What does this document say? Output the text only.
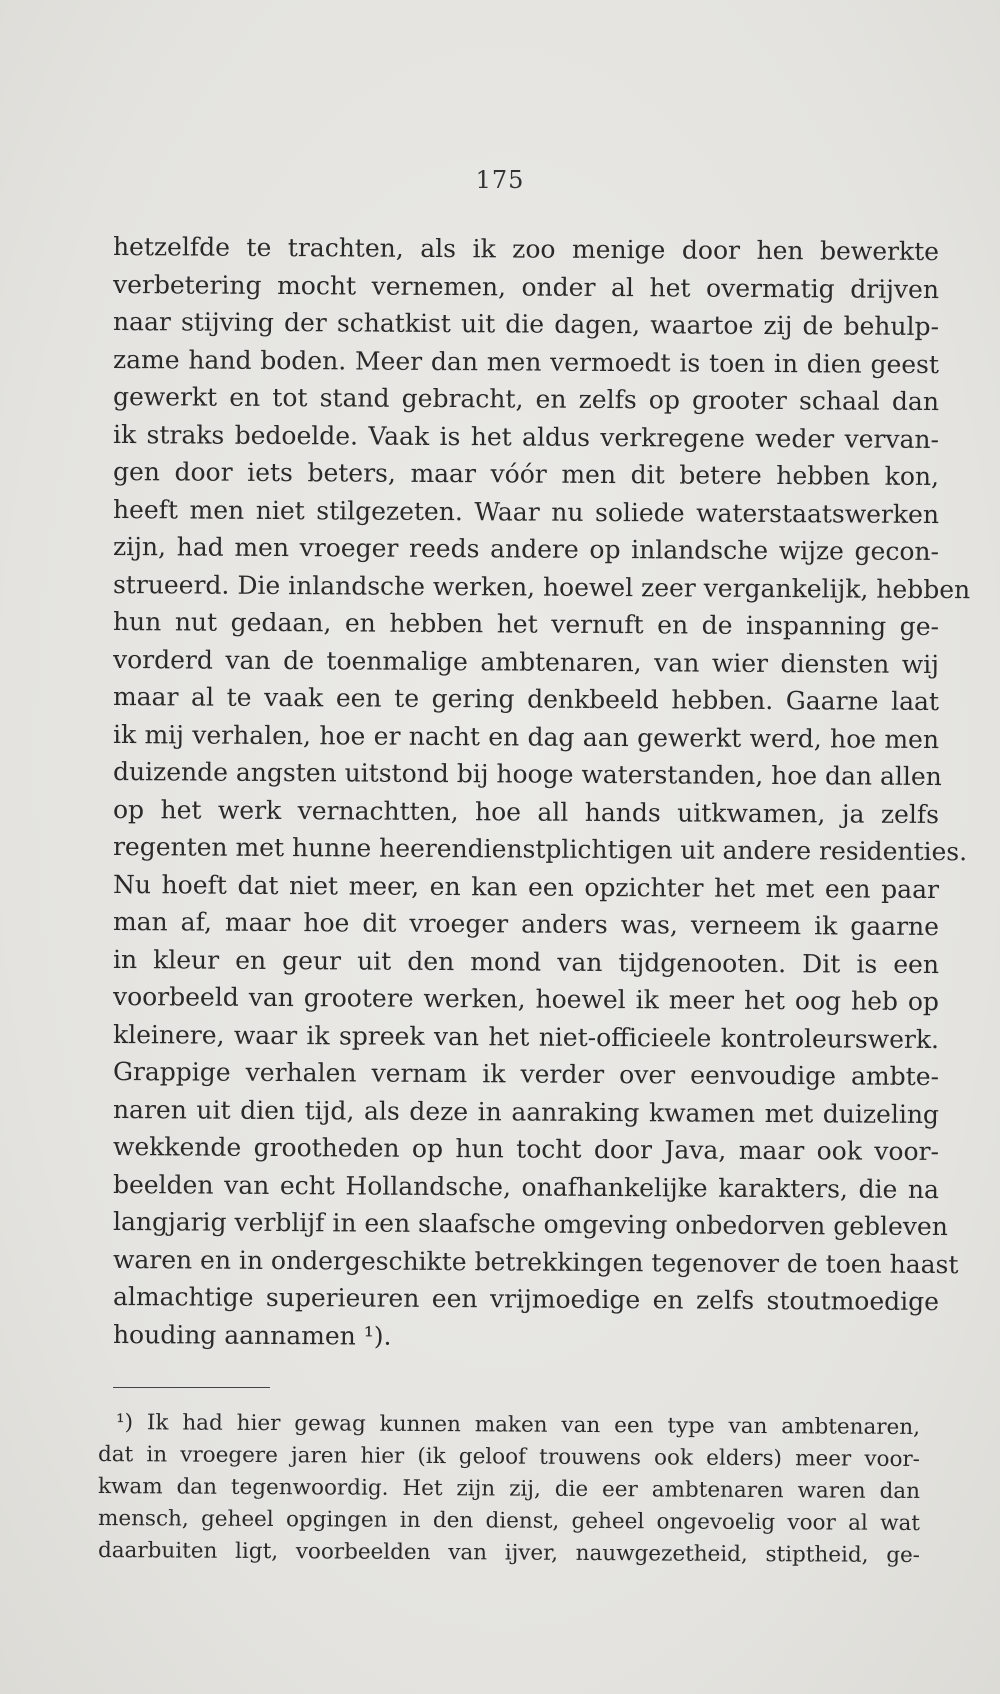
175
hetzelfde te trachten, als ik zoo menige door hen bewerkte
verbetering mocht vernemen, onder al het overmatig drijven
naar stijving der schatkist uit die dagen, waartoe zij de behulp-
zame hand boden. Meer dan men vermoedt is toen in dien geest
gewerkt en tot stand gebracht, en zelfs op grooter schaal dan
ik straks bedoelde. Vaak is het aldus verkregene weder vervan-
gen door iets beters, maar vóór men dit betere hebben kon,
heeft men niet stilgezeten. Waar nu soliede waterstaatswerken
zijn, had men vroeger reeds andere op inlandsche wijze gecon-
strueerd. Die inlandsche werken, hoewel zeer vergankelijk, hebben
hun nut gedaan, en hebben het vernuft en de inspanning ge-
vorderd van de toenmalige ambtenaren, van wier diensten wij
maar al te vaak een te gering denkbeeld hebben. Gaarne laat
ik mij verhalen, hoe er nacht en dag aan gewerkt werd, hoe men
duizende angsten uitstond bij hooge waterstanden, hoe dan allen
op het werk vernachtten, hoe all hands uitkwamen, ja zelfs
regenten met hunne heerendienstplichtigen uit andere residenties.
Nu hoeft dat niet meer, en kan een opzichter het met een paar
man af, maar hoe dit vroeger anders was, verneem ik gaarne
in kleur en geur uit den mond van tijdgenooten. Dit is een
voorbeeld van grootere werken, hoewel ik meer het oog heb op
kleinere, waar ik spreek van het niet-officieele kontroleurswerk.
Grappige verhalen vernam ik verder over eenvoudige ambte-
naren uit dien tijd, als deze in aanraking kwamen met duizeling
wekkende grootheden op hun tocht door Java, maar ook voor-
beelden van echt Hollandsche, onafhankelijke karakters, die na
langjarig verblijf in een slaafsche omgeving onbedorven gebleven
waren en in ondergeschikte betrekkingen tegenover de toen haast
almachtige superieuren een vrijmoedige en zelfs stoutmoedige
houding aannamen ¹).
¹) Ik had hier gewag kunnen maken van een type van ambtenaren,
dat in vroegere jaren hier (ik geloof trouwens ook elders) meer voor-
kwam dan tegenwoordig. Het zijn zij, die eer ambtenaren waren dan
mensch, geheel opgingen in den dienst, geheel ongevoelig voor al wat
daarbuiten ligt, voorbeelden van ijver, nauwgezetheid, stiptheid, ge-
